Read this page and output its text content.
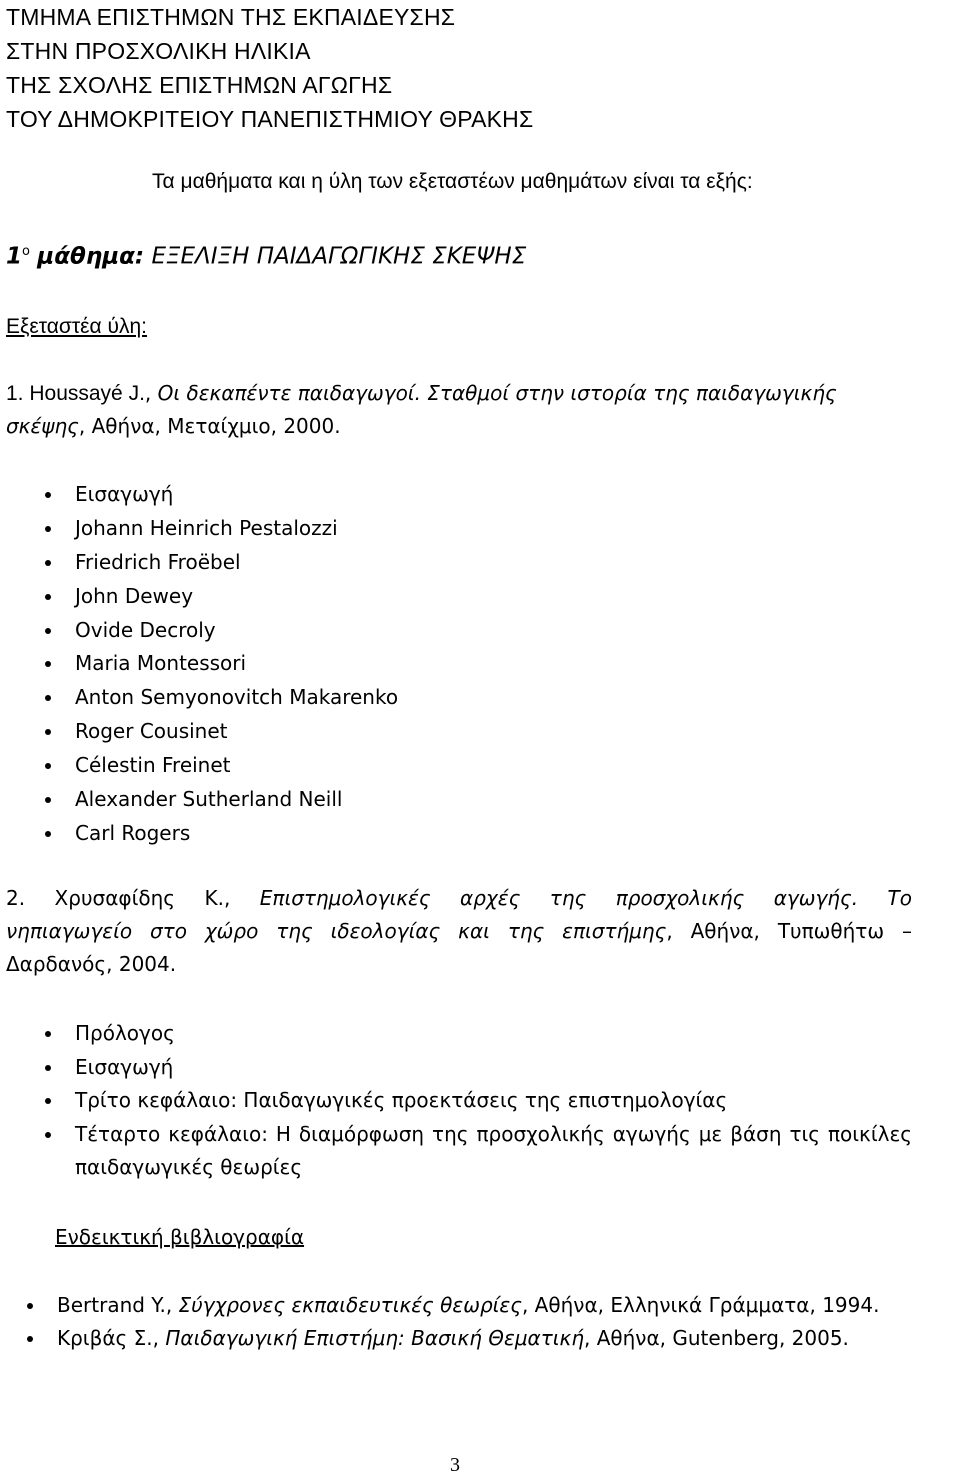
ΤΜΗΜΑ ΕΠΙΣΤΗΜΩΝ ΤΗΣ ΕΚΠΑΙΔΕΥΣΗΣ
ΣΤΗΝ ΠΡΟΣΧΟΛΙΚΗ ΗΛΙΚΙΑ
ΤΗΣ ΣΧΟΛΗΣ ΕΠΙΣΤΗΜΩΝ ΑΓΩΓΗΣ
ΤΟΥ ΔΗΜΟΚΡΙΤΕΙΟΥ ΠΑΝΕΠΙΣΤΗΜΙΟΥ ΘΡΑΚΗΣ
Τα μαθήματα και η ύλη των εξεταστέων μαθημάτων είναι τα εξής:
$1^o$ μάθημα: ΕΞΕΛΙΞΗ ΠΑΙΔΑΓΩΓΙΚΗΣ ΣΚΕΨΗΣ
Εξεταστέα ύλη:
1. Houssayé J., Οι δεκαπέντε παιδαγωγοί. Σταθμοί στην ιστορία της παιδαγωγικής
σκέψης, Αθήνα, Μεταίχμιο, 2000.
Εισαγωγή
Johann Heinrich Pestalozzi
Friedrich Froëbel
John Dewey
Ovide Decroly
Maria Montessori
Anton Semyonovitch Makarenko
Roger Cousinet
Célestin Freinet
Alexander Sutherland Neill
Carl Rogers
2. Χρυσαφίδης Κ., Επιστημολογικές αρχές της προσχολικής αγωγής. Το
νηπιαγωγείο στο χώρο της ιδεολογίας και της επιστήμης, Αθήνα, Τυπωθήτω –
Δαρδανός, 2004.
Πρόλογος
Εισαγωγή
Τρίτο κεφάλαιο: Παιδαγωγικές προεκτάσεις της επιστημολογίας
Τέταρτο κεφάλαιο: Η διαμόρφωση της προσχολικής αγωγής με βάση τις ποικίλες παιδαγωγικές θεωρίες
Ενδεικτική βιβλιογραφία
Bertrand Y., Σύγχρονες εκπαιδευτικές θεωρίες, Αθήνα, Ελληνικά Γράμματα, 1994.
Κριβάς Σ., Παιδαγωγική Επιστήμη: Βασική Θεματική, Αθήνα, Gutenberg, 2005.
3
